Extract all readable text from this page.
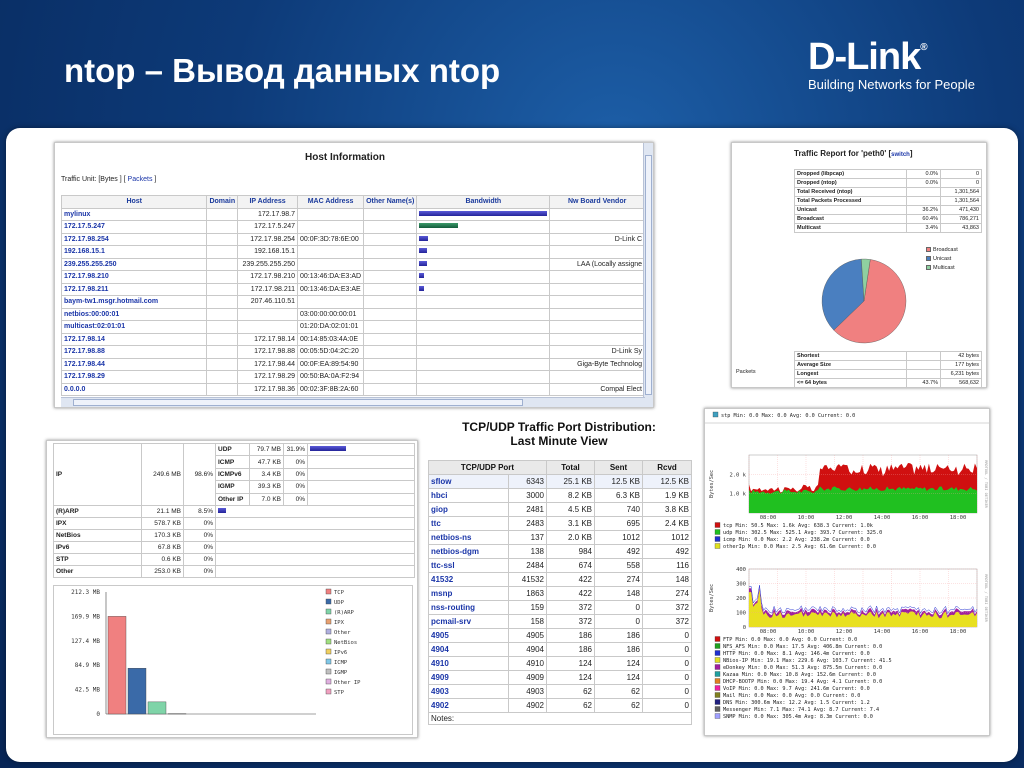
ntop – Вывод данных ntop	D-Link®
Building Networks for People
Host Information
Traffic Unit: [Bytes ] [ Packets ]
Host	Domain	IP Address	MAC Address	Other Name(s)	Bandwidth	Nw Board Vendor
mylinux		172.17.98.7				
172.17.5.247		172.17.5.247				
172.17.98.254		172.17.98.254	00:0F:3D:78:6E:00			D-Link C
192.168.15.1		192.168.15.1				
239.255.255.250		239.255.255.250				LAA (Locally assigne
172.17.98.210		172.17.98.210	00:13:46:DA:E3:AD			
172.17.98.211		172.17.98.211	00:13:46:DA:E3:AE			
baym-tw1.msgr.hotmail.com		207.46.110.51				
netbios:00:00:01			03:00:00:00:00:01			
multicast:02:01:01			01:20:DA:02:01:01			
172.17.98.14		172.17.98.14	00:14:85:03:4A:0E			
172.17.98.88		172.17.98.88	00:05:5D:04:2C:20			D-Link Sy
172.17.98.44		172.17.98.44	00:0F:EA:89:54:90			Giga-Byte Technolog
172.17.98.29		172.17.98.29	00:50:BA:0A:F2:94			
0.0.0.0		172.17.98.36	00:02:3F:8B:2A:60			Compal Elect
Traffic Report for 'peth0' [switch]
Dropped (libpcap)	0.0%	0
Dropped (ntop)	0.0%	0
Total Received (ntop)		1,301,564
Total Packets Processed		1,301,564
Unicast	36.2%	471,430
Broadcast	60.4%	786,271
Multicast	3.4%	43,863
Broadcast
Unicast
Multicast
Packets
Shortest		42 bytes
Average Size		177 bytes
Longest		6,231 bytes
<= 64 bytes	43.7%	568,632
IP	249.6 MB	98.6%	UDP	79.7 MB	31.9%	
			ICMP	47.7 KB	0%	
			ICMPv6	3.4 KB	0%	
			IGMP	39.3 KB	0%	
			Other IP	7.0 KB	0%	
(R)ARP	21.1 MB	8.5%				
IPX	578.7 KB	0%				
NetBios	170.3 KB	0%				
IPv6	67.8 KB	0%				
STP	0.6 KB	0%				
Other	253.0 KB	0%				
212.3 MB
169.9 MB
127.4 MB
84.9 MB
42.5 MB
0
TCP
UDP
(R)ARP
IPX
Other
NetBios
IPv6
ICMP
IGMP
Other IP
STP
TCP/UDP Traffic Port Distribution:
Last Minute View
TCP/UDP Port		Total	Sent	Rcvd
sflow	6343	25.1 KB	12.5 KB	12.5 KB
hbci	3000	8.2 KB	6.3 KB	1.9 KB
giop	2481	4.5 KB	740	3.8 KB
ttc	2483	3.1 KB	695	2.4 KB
netbios-ns	137	2.0 KB	1012	1012
netbios-dgm	138	984	492	492
ttc-ssl	2484	674	558	116
41532	41532	422	274	148
msnp	1863	422	148	274
nss-routing	159	372	0	372
pcmail-srv	158	372	0	372
4905	4905	186	186	0
4904	4904	186	186	0
4910	4910	124	124	0
4909	4909	124	124	0
4903	4903	62	62	0
4902	4902	62	62	0
Notes:				
stp Min: 0.0 Max: 0.0 Avg: 0.0 Current: 0.0
2.0 k
1.0 k
08:00	10:00	12:00	14:00	16:00	18:00
Bytes/Sec	RRDTOOL / TOBI OETIKER
tcp Min: 50.5 Max: 1.6k Avg: 638.3 Current: 1.0k
udp Min: 302.5 Max: 525.1 Avg: 393.7 Current: 325.0
icmp Min: 0.0 Max: 2.2 Avg: 238.2m Current: 0.0
otherIp Min: 0.0 Max: 2.5 Avg: 61.6m Current: 0.0
400
300
200
100
0
08:00	10:00	12:00	14:00	16:00	18:00
Bytes/Sec	RRDTOOL / TOBI OETIKER
FTP Min: 0.0 Max: 0.0 Avg: 0.0 Current: 0.0
NFS_AFS Min: 0.0 Max: 17.5 Avg: 406.8m Current: 0.0
HTTP Min: 0.0 Max: 8.1 Avg: 146.4m Current: 0.0
NBios-IP Min: 19.1 Max: 229.6 Avg: 103.7 Current: 41.5
eDonkey Min: 0.0 Max: 51.3 Avg: 875.5m Current: 0.0
Kazaa Min: 0.0 Max: 10.8 Avg: 152.6m Current: 0.0
DHCP-BOOTP Min: 0.0 Max: 19.4 Avg: 4.1 Current: 0.0
VoIP Min: 0.0 Max: 9.7 Avg: 241.6m Current: 0.0
Mail Min: 0.0 Max: 0.0 Avg: 0.0 Current: 0.0
DNS Min: 300.6m Max: 12.2 Avg: 1.5 Current: 1.2
Messenger Min: 7.1 Max: 74.1 Avg: 8.7 Current: 7.4
SNMP Min: 0.0 Max: 305.4m Avg: 8.3m Current: 0.0
